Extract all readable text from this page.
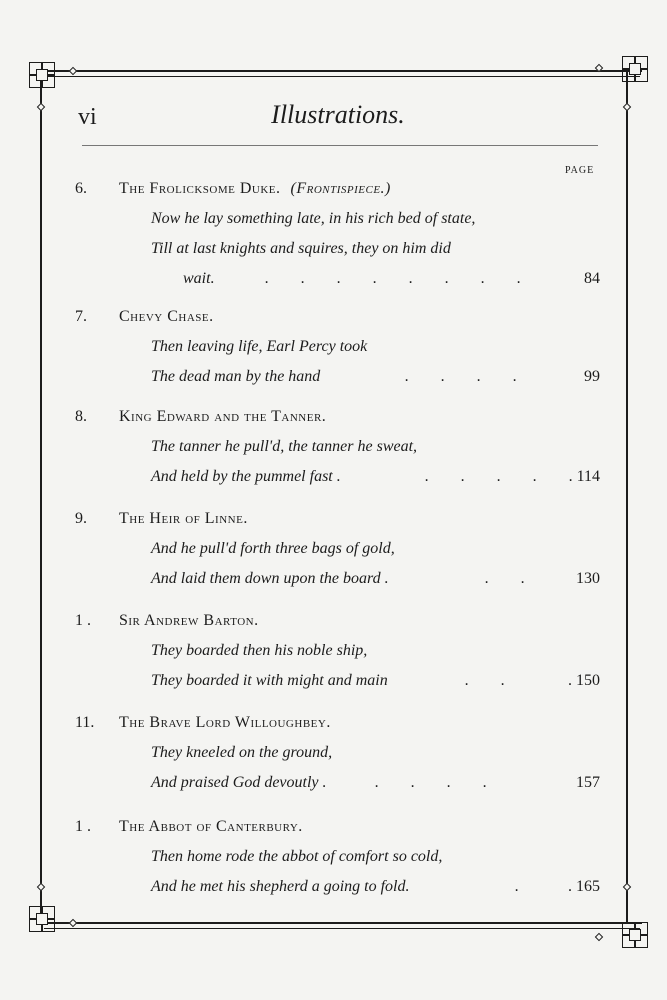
vi	Illustrations.
PAGE
6. The Frolicksome Duke. (Frontispiece.)
Now he lay something late, in his rich bed of state,
Till at last knights and squires, they on him did
wait.	. . . . . . . .	84
7. Chevy Chase.
Then leaving life, Earl Percy took
The dead man by the hand	. . . .	99
8. King Edward and the Tanner.
The tanner he pull'd, the tanner he sweat,
And held by the pummel fast .	. . . . . 114
9. The Heir of Linne.
And he pull'd forth three bags of gold,
And laid them down upon the board .	. . 130
1 . Sir Andrew Barton.
They boarded then his noble ship,
They boarded it with might and main	. .	. 150
11. The Brave Lord Willoughbey.
They kneeled on the ground,
And praised God devoutly .	. . . .	157
1 . The Abbot of Canterbury.
Then home rode the abbot of comfort so cold,
And he met his shepherd a going to fold.	. . 165
